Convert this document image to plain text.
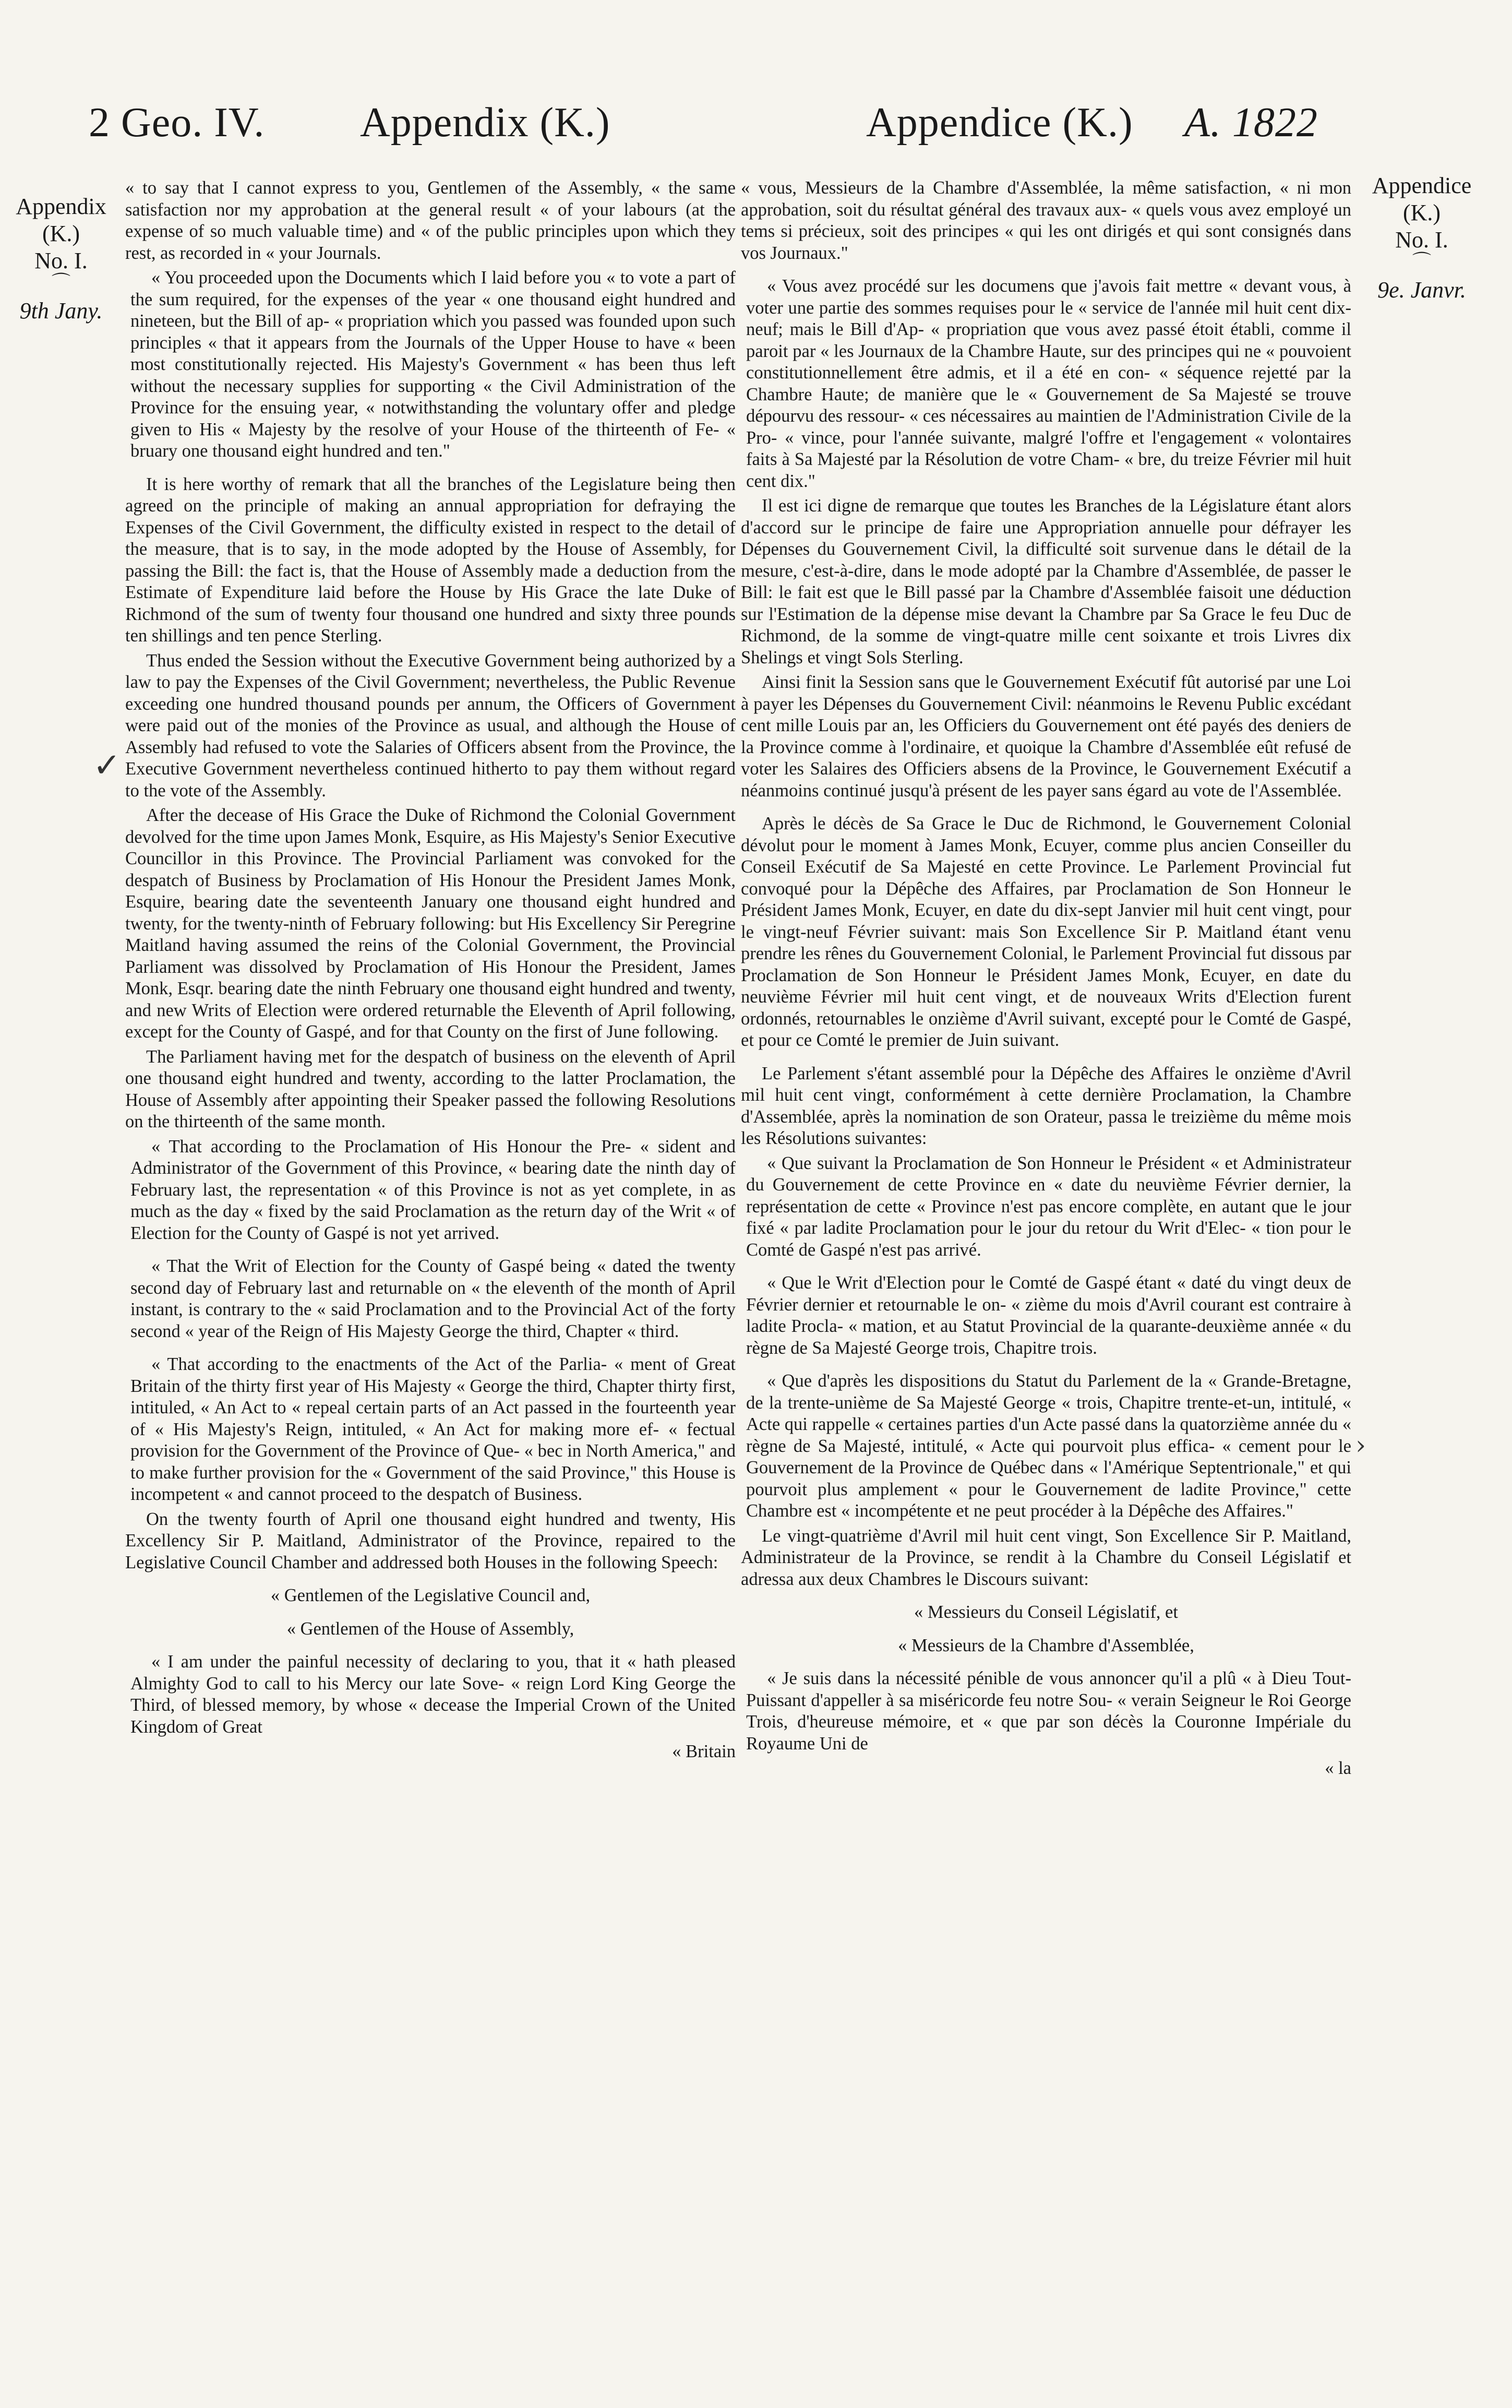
2 Geo. IV. Appendix (K.)	Appendice (K.) A. 1822
Appendix
(K.)
No. I.
⌒
9th Jany.
Appendice
(K.)
No. I.
⌒
9e. Janvr.
✓
›

« to say that I cannot express to you, Gentlemen of the Assembly, « the same satisfaction nor my approbation at the general result « of your labours (at the expense of so much valuable time) and « of the public principles upon which they rest, as recorded in « your Journals.

« You proceeded upon the Documents which I laid before you « to vote a part of the sum required, for the expenses of the year « one thousand eight hundred and nineteen, but the Bill of ap- « propriation which you passed was founded upon such principles « that it appears from the Journals of the Upper House to have « been most constitutionally rejected. His Majesty's Government « has been thus left without the necessary supplies for supporting « the Civil Administration of the Province for the ensuing year, « notwithstanding the voluntary offer and pledge given to His « Majesty by the resolve of your House of the thirteenth of Fe- « bruary one thousand eight hundred and ten."

It is here worthy of remark that all the branches of the Legislature being then agreed on the principle of making an annual appropriation for defraying the Expenses of the Civil Government, the difficulty existed in respect to the detail of the measure, that is to say, in the mode adopted by the House of Assembly, for passing the Bill: the fact is, that the House of Assembly made a deduction from the Estimate of Expenditure laid before the House by His Grace the late Duke of Richmond of the sum of twenty four thousand one hundred and sixty three pounds ten shillings and ten pence Sterling.

Thus ended the Session without the Executive Government being authorized by a law to pay the Expenses of the Civil Government; nevertheless, the Public Revenue exceeding one hundred thousand pounds per annum, the Officers of Government were paid out of the monies of the Province as usual, and although the House of Assembly had refused to vote the Salaries of Officers absent from the Province, the Executive Government nevertheless continued hitherto to pay them without regard to the vote of the Assembly.

After the decease of His Grace the Duke of Richmond the Colonial Government devolved for the time upon James Monk, Esquire, as His Majesty's Senior Executive Councillor in this Province. The Provincial Parliament was convoked for the despatch of Business by Proclamation of His Honour the President James Monk, Esquire, bearing date the seventeenth January one thousand eight hundred and twenty, for the twenty-ninth of February following: but His Excellency Sir Peregrine Maitland having assumed the reins of the Colonial Government, the Provincial Parliament was dissolved by Proclamation of His Honour the President, James Monk, Esqr. bearing date the ninth February one thousand eight hundred and twenty, and new Writs of Election were ordered returnable the Eleventh of April following, except for the County of Gaspé, and for that County on the first of June following.

The Parliament having met for the despatch of business on the eleventh of April one thousand eight hundred and twenty, according to the latter Proclamation, the House of Assembly after appointing their Speaker passed the following Resolutions on the thirteenth of the same month.

« That according to the Proclamation of His Honour the Pre- « sident and Administrator of the Government of this Province, « bearing date the ninth day of February last, the representation « of this Province is not as yet complete, in as much as the day « fixed by the said Proclamation as the return day of the Writ « of Election for the County of Gaspé is not yet arrived.

« That the Writ of Election for the County of Gaspé being « dated the twenty second day of February last and returnable on « the eleventh of the month of April instant, is contrary to the « said Proclamation and to the Provincial Act of the forty second « year of the Reign of His Majesty George the third, Chapter « third.

« That according to the enactments of the Act of the Parlia- « ment of Great Britain of the thirty first year of His Majesty « George the third, Chapter thirty first, intituled, « An Act to « repeal certain parts of an Act passed in the fourteenth year of « His Majesty's Reign, intituled, « An Act for making more ef- « fectual provision for the Government of the Province of Que- « bec in North America," and to make further provision for the « Government of the said Province," this House is incompetent « and cannot proceed to the despatch of Business.

On the twenty fourth of April one thousand eight hundred and twenty, His Excellency Sir P. Maitland, Administrator of the Province, repaired to the Legislative Council Chamber and addressed both Houses in the following Speech:

« Gentlemen of the Legislative Council and,

« Gentlemen of the House of Assembly,

« I am under the painful necessity of declaring to you, that it « hath pleased Almighty God to call to his Mercy our late Sove- « reign Lord King George the Third, of blessed memory, by whose « decease the Imperial Crown of the United Kingdom of Great

« Britain

« vous, Messieurs de la Chambre d'Assemblée, la même satisfaction, « ni mon approbation, soit du résultat général des travaux aux- « quels vous avez employé un tems si précieux, soit des principes « qui les ont dirigés et qui sont consignés dans vos Journaux."

« Vous avez procédé sur les documens que j'avois fait mettre « devant vous, à voter une partie des sommes requises pour le « service de l'année mil huit cent dix-neuf; mais le Bill d'Ap- « propriation que vous avez passé étoit établi, comme il paroit par « les Journaux de la Chambre Haute, sur des principes qui ne « pouvoient constitutionnellement être admis, et il a été en con- « séquence rejetté par la Chambre Haute; de manière que le « Gouvernement de Sa Majesté se trouve dépourvu des ressour- « ces nécessaires au maintien de l'Administration Civile de la Pro- « vince, pour l'année suivante, malgré l'offre et l'engagement « volontaires faits à Sa Majesté par la Résolution de votre Cham- « bre, du treize Février mil huit cent dix."

Il est ici digne de remarque que toutes les Branches de la Législature étant alors d'accord sur le principe de faire une Appropriation annuelle pour défrayer les Dépenses du Gouvernement Civil, la difficulté soit survenue dans le détail de la mesure, c'est-à-dire, dans le mode adopté par la Chambre d'Assemblée, de passer le Bill: le fait est que le Bill passé par la Chambre d'Assemblée faisoit une déduction sur l'Estimation de la dépense mise devant la Chambre par Sa Grace le feu Duc de Richmond, de la somme de vingt-quatre mille cent soixante et trois Livres dix Shelings et vingt Sols Sterling.

Ainsi finit la Session sans que le Gouvernement Exécutif fût autorisé par une Loi à payer les Dépenses du Gouvernement Civil: néanmoins le Revenu Public excédant cent mille Louis par an, les Officiers du Gouvernement ont été payés des deniers de la Province comme à l'ordinaire, et quoique la Chambre d'Assemblée eût refusé de voter les Salaires des Officiers absens de la Province, le Gouvernement Exécutif a néanmoins continué jusqu'à présent de les payer sans égard au vote de l'Assemblée.

Après le décès de Sa Grace le Duc de Richmond, le Gouvernement Colonial dévolut pour le moment à James Monk, Ecuyer, comme plus ancien Conseiller du Conseil Exécutif de Sa Majesté en cette Province. Le Parlement Provincial fut convoqué pour la Dépêche des Affaires, par Proclamation de Son Honneur le Président James Monk, Ecuyer, en date du dix-sept Janvier mil huit cent vingt, pour le vingt-neuf Février suivant: mais Son Excellence Sir P. Maitland étant venu prendre les rênes du Gouvernement Colonial, le Parlement Provincial fut dissous par Proclamation de Son Honneur le Président James Monk, Ecuyer, en date du neuvième Février mil huit cent vingt, et de nouveaux Writs d'Election furent ordonnés, retournables le onzième d'Avril suivant, excepté pour le Comté de Gaspé, et pour ce Comté le premier de Juin suivant.

Le Parlement s'étant assemblé pour la Dépêche des Affaires le onzième d'Avril mil huit cent vingt, conformément à cette dernière Proclamation, la Chambre d'Assemblée, après la nomination de son Orateur, passa le treizième du même mois les Résolutions suivantes:

« Que suivant la Proclamation de Son Honneur le Président « et Administrateur du Gouvernement de cette Province en « date du neuvième Février dernier, la représentation de cette « Province n'est pas encore complète, en autant que le jour fixé « par ladite Proclamation pour le jour du retour du Writ d'Elec- « tion pour le Comté de Gaspé n'est pas arrivé.

« Que le Writ d'Election pour le Comté de Gaspé étant « daté du vingt deux de Février dernier et retournable le on- « zième du mois d'Avril courant est contraire à ladite Procla- « mation, et au Statut Provincial de la quarante-deuxième année « du règne de Sa Majesté George trois, Chapitre trois.

« Que d'après les dispositions du Statut du Parlement de la « Grande-Bretagne, de la trente-unième de Sa Majesté George « trois, Chapitre trente-et-un, intitulé, « Acte qui rappelle « certaines parties d'un Acte passé dans la quatorzième année du « règne de Sa Majesté, intitulé, « Acte qui pourvoit plus effica- « cement pour le Gouvernement de la Province de Québec dans « l'Amérique Septentrionale," et qui pourvoit plus amplement « pour le Gouvernement de ladite Province," cette Chambre est « incompétente et ne peut procéder à la Dépêche des Affaires."

Le vingt-quatrième d'Avril mil huit cent vingt, Son Excellence Sir P. Maitland, Administrateur de la Province, se rendit à la Chambre du Conseil Législatif et adressa aux deux Chambres le Discours suivant:

« Messieurs du Conseil Législatif, et

« Messieurs de la Chambre d'Assemblée,

« Je suis dans la nécessité pénible de vous annoncer qu'il a plû « à Dieu Tout-Puissant d'appeller à sa miséricorde feu notre Sou- « verain Seigneur le Roi George Trois, d'heureuse mémoire, et « que par son décès la Couronne Impériale du Royaume Uni de

« la
